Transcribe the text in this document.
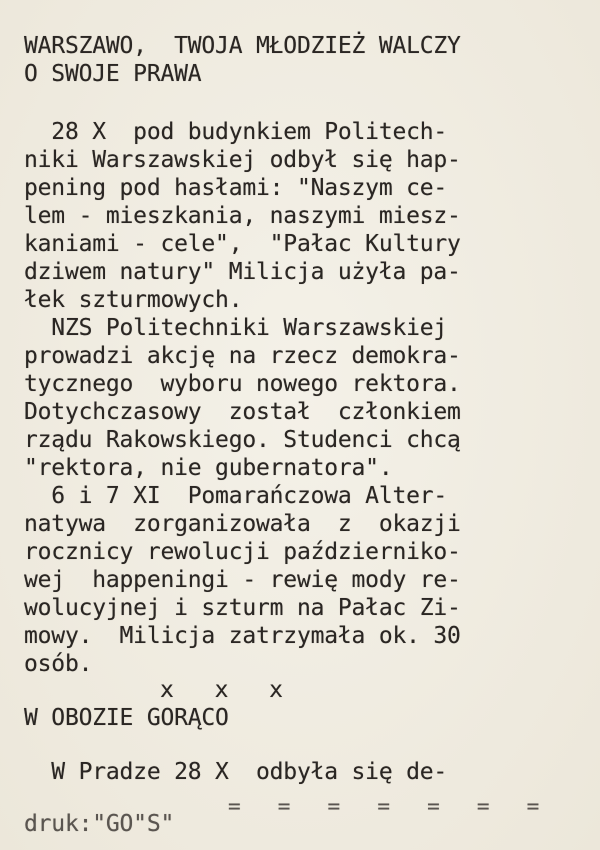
WARSZAWO,  TWOJA MŁODZIEŻ WALCZY
O SWOJE PRAWA
28 X  pod budynkiem Politech-
niki Warszawskiej odbył się hap-
pening pod hasłami: "Naszym ce-
lem - mieszkania, naszymi miesz-
kaniami - cele",  "Pałac Kultury
dziwem natury" Milicja użyła pa-
łek szturmowych.
NZS Politechniki Warszawskiej
prowadzi akcję na rzecz demokra-
tycznego  wyboru nowego rektora.
Dotychczasowy  został  członkiem
rządu Rakowskiego. Studenci chcą
"rektora, nie gubernatora".
6 i 7 XI  Pomarańczowa Alter-
natywa  zorganizowała  z  okazji
rocznicy rewolucji październiko-
wej  happeningi - rewię mody re-
wolucyjnej i szturm na Pałac Zi-
mowy.  Milicja zatrzymała ok. 30
osób.
x   x   x
W OBOZIE GORĄCO
W Pradze 28 X  odbyła się de-
druk:"GO"S"
=   =   =   =   =   =   =
